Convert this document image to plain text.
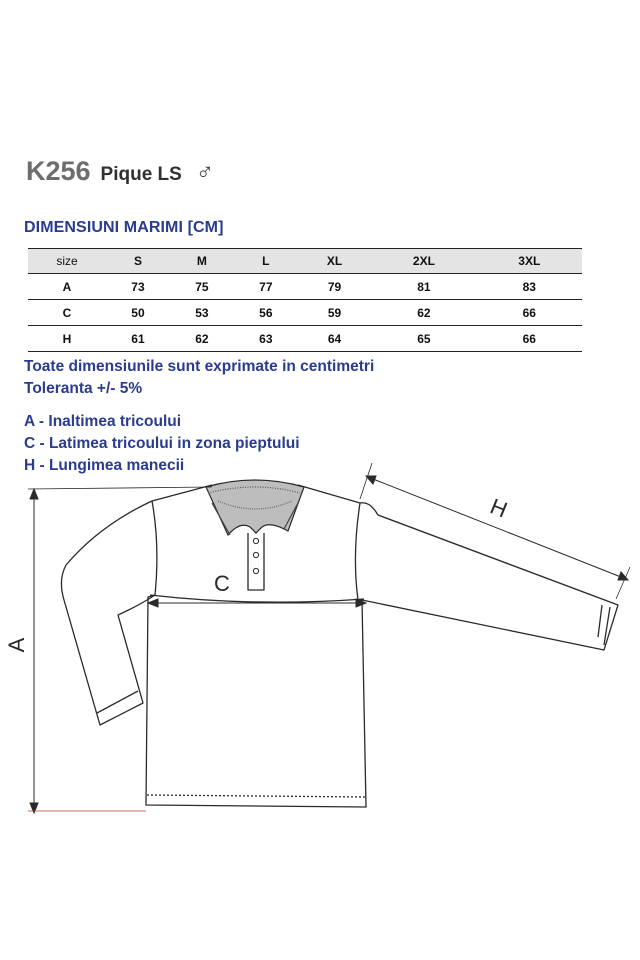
K256 Pique LS ♂
DIMENSIUNI MARIMI [CM]
size	S	M	L	XL	2XL	3XL
A	73	75	77	79	81	83
C	50	53	56	59	62	66
H	61	62	63	64	65	66
Toate dimensiunile sunt exprimate in centimetri
Toleranta +/- 5%
A - Inaltimea tricoului
C - Latimea tricoului in zona pieptului
H - Lungimea manecii
A
C
H
